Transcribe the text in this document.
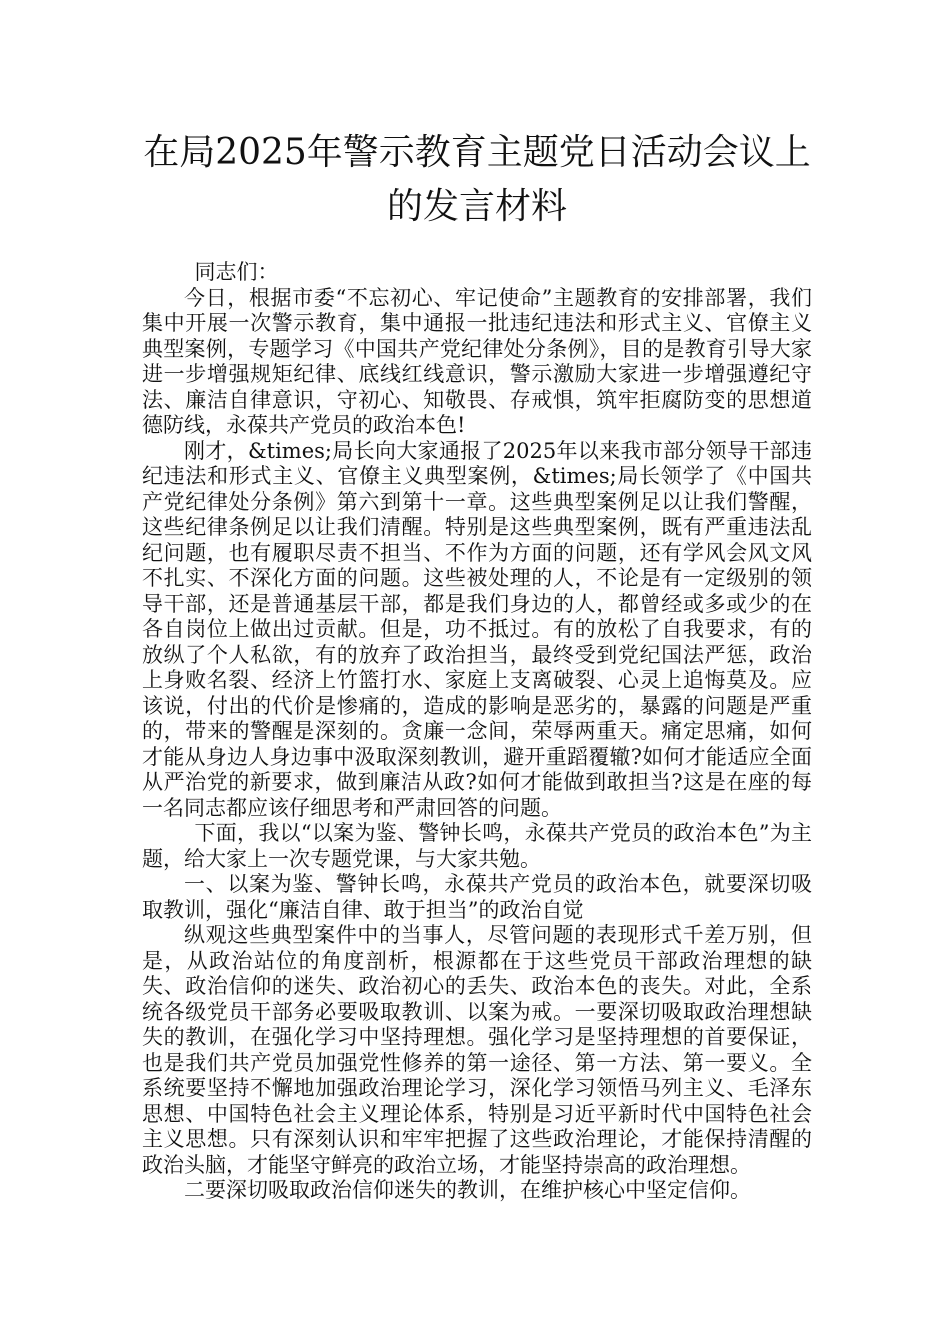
在局2025年警示教育主题党日活动会议上的发言材料

同志们：

今日，根据市委“不忘初心、牢记使命”主题教育的安排部署，我们集中开展一次警示教育，集中通报一批违纪违法和形式主义、官僚主义典型案例，专题学习《中国共产党纪律处分条例》，目的是教育引导大家进一步增强规矩纪律、底线红线意识，警示激励大家进一步增强遵纪守法、廉洁自律意识，守初心、知敬畏、存戒惧，筑牢拒腐防变的思想道德防线，永葆共产党员的政治本色!

刚才，&times;局长向大家通报了2025年以来我市部分领导干部违纪违法和形式主义、官僚主义典型案例，&times;局长领学了《中国共产党纪律处分条例》第六到第十一章。这些典型案例足以让我们警醒，这些纪律条例足以让我们清醒。特别是这些典型案例，既有严重违法乱纪问题，也有履职尽责不担当、不作为方面的问题，还有学风会风文风不扎实、不深化方面的问题。这些被处理的人，不论是有一定级别的领导干部，还是普通基层干部，都是我们身边的人，都曾经或多或少的在各自岗位上做出过贡献。但是，功不抵过。有的放松了自我要求，有的放纵了个人私欲，有的放弃了政治担当，最终受到党纪国法严惩，政治上身败名裂、经济上竹篮打水、家庭上支离破裂、心灵上追悔莫及。应该说，付出的代价是惨痛的，造成的影响是恶劣的，暴露的问题是严重的，带来的警醒是深刻的。贪廉一念间，荣辱两重天。痛定思痛，如何才能从身边人身边事中汲取深刻教训，避开重蹈覆辙?如何才能适应全面从严治党的新要求，做到廉洁从政?如何才能做到敢担当?这是在座的每一名同志都应该仔细思考和严肃回答的问题。

下面，我以“以案为鉴、警钟长鸣，永葆共产党员的政治本色”为主题，给大家上一次专题党课，与大家共勉。

一、以案为鉴、警钟长鸣，永葆共产党员的政治本色，就要深切吸取教训，强化“廉洁自律、敢于担当”的政治自觉

纵观这些典型案件中的当事人，尽管问题的表现形式千差万别，但是，从政治站位的角度剖析，根源都在于这些党员干部政治理想的缺失、政治信仰的迷失、政治初心的丢失、政治本色的丧失。对此，全系统各级党员干部务必要吸取教训、以案为戒。一要深切吸取政治理想缺失的教训，在强化学习中坚持理想。强化学习是坚持理想的首要保证，也是我们共产党员加强党性修养的第一途径、第一方法、第一要义。全系统要坚持不懈地加强政治理论学习，深化学习领悟马列主义、毛泽东思想、中国特色社会主义理论体系，特别是习近平新时代中国特色社会主义思想。只有深刻认识和牢牢把握了这些政治理论，才能保持清醒的政治头脑，才能坚守鲜亮的政治立场，才能坚持崇高的政治理想。

二要深切吸取政治信仰迷失的教训，在维护核心中坚定信仰。
